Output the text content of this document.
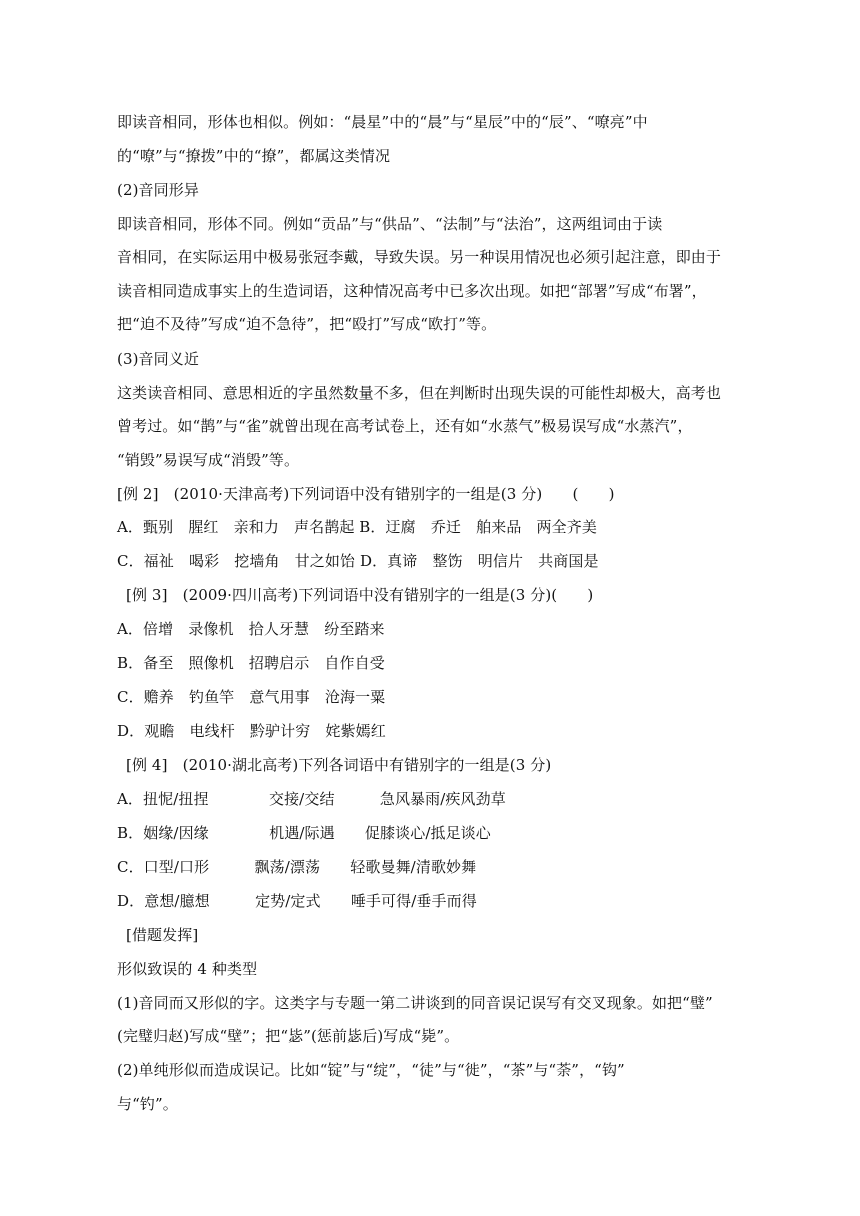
即读音相同，形体也相似。例如：“晨星”中的“晨”与“星辰”中的“辰”、“嘹亮”中
的“嘹”与“撩拨”中的“撩”，都属这类情况
(2)音同形异
即读音相同，形体不同。例如“贡品”与“供品”、“法制”与“法治”，这两组词由于读
音相同，在实际运用中极易张冠李戴，导致失误。另一种误用情况也必须引起注意，即由于
读音相同造成事实上的生造词语，这种情况高考中已多次出现。如把“部署”写成“布署”，
把“迫不及待”写成“迫不急待”，把“殴打”写成“欧打”等。
(3)音同义近
这类读音相同、意思相近的字虽然数量不多，但在判断时出现失误的可能性却极大，高考也
曾考过。如“鹊”与“雀”就曾出现在高考试卷上，还有如“水蒸气”极易误写成“水蒸汽”，
“销毁”易误写成“消毁”等。
[例 2]　(2010·天津高考)下列词语中没有错别字的一组是(3 分)　　(　　)
A．甄别　腥红　亲和力　声名鹊起 B．迂腐　乔迁　舶来品　两全齐美
C．福祉　喝彩　挖墙角　甘之如饴 D．真谛　整饬　明信片　共商国是
[例 3]　(2009·四川高考)下列词语中没有错别字的一组是(3 分)(　　)
A．倍增　录像机　拾人牙慧　纷至踏来
B．备至　照像机　招聘启示　自作自受
C．赡养　钓鱼竿　意气用事　沧海一粟
D．观瞻　电线杆　黔驴计穷　姹紫嫣红
[例 4]　(2010·湖北高考)下列各词语中有错别字的一组是(3 分)
A．扭怩/扭捏　　　　交接/交结　　　急风暴雨/疾风劲草
B．姻缘/因缘　　　　机遇/际遇　　促膝谈心/抵足谈心
C．口型/口形　　　飘荡/漂荡　　轻歌曼舞/清歌妙舞
D．意想/臆想　　　定势/定式　　唾手可得/垂手而得
[借题发挥]
形似致误的 4 种类型
(1)音同而又形似的字。这类字与专题一第二讲谈到的同音误记误写有交叉现象。如把“璧”
(完璧归赵)写成“壁”；把“毖”(惩前毖后)写成“毙”。
(2)单纯形似而造成误记。比如“锭”与“绽”，“徒”与“徙”，“茶”与“荼”，“钩”
与“钓”。
